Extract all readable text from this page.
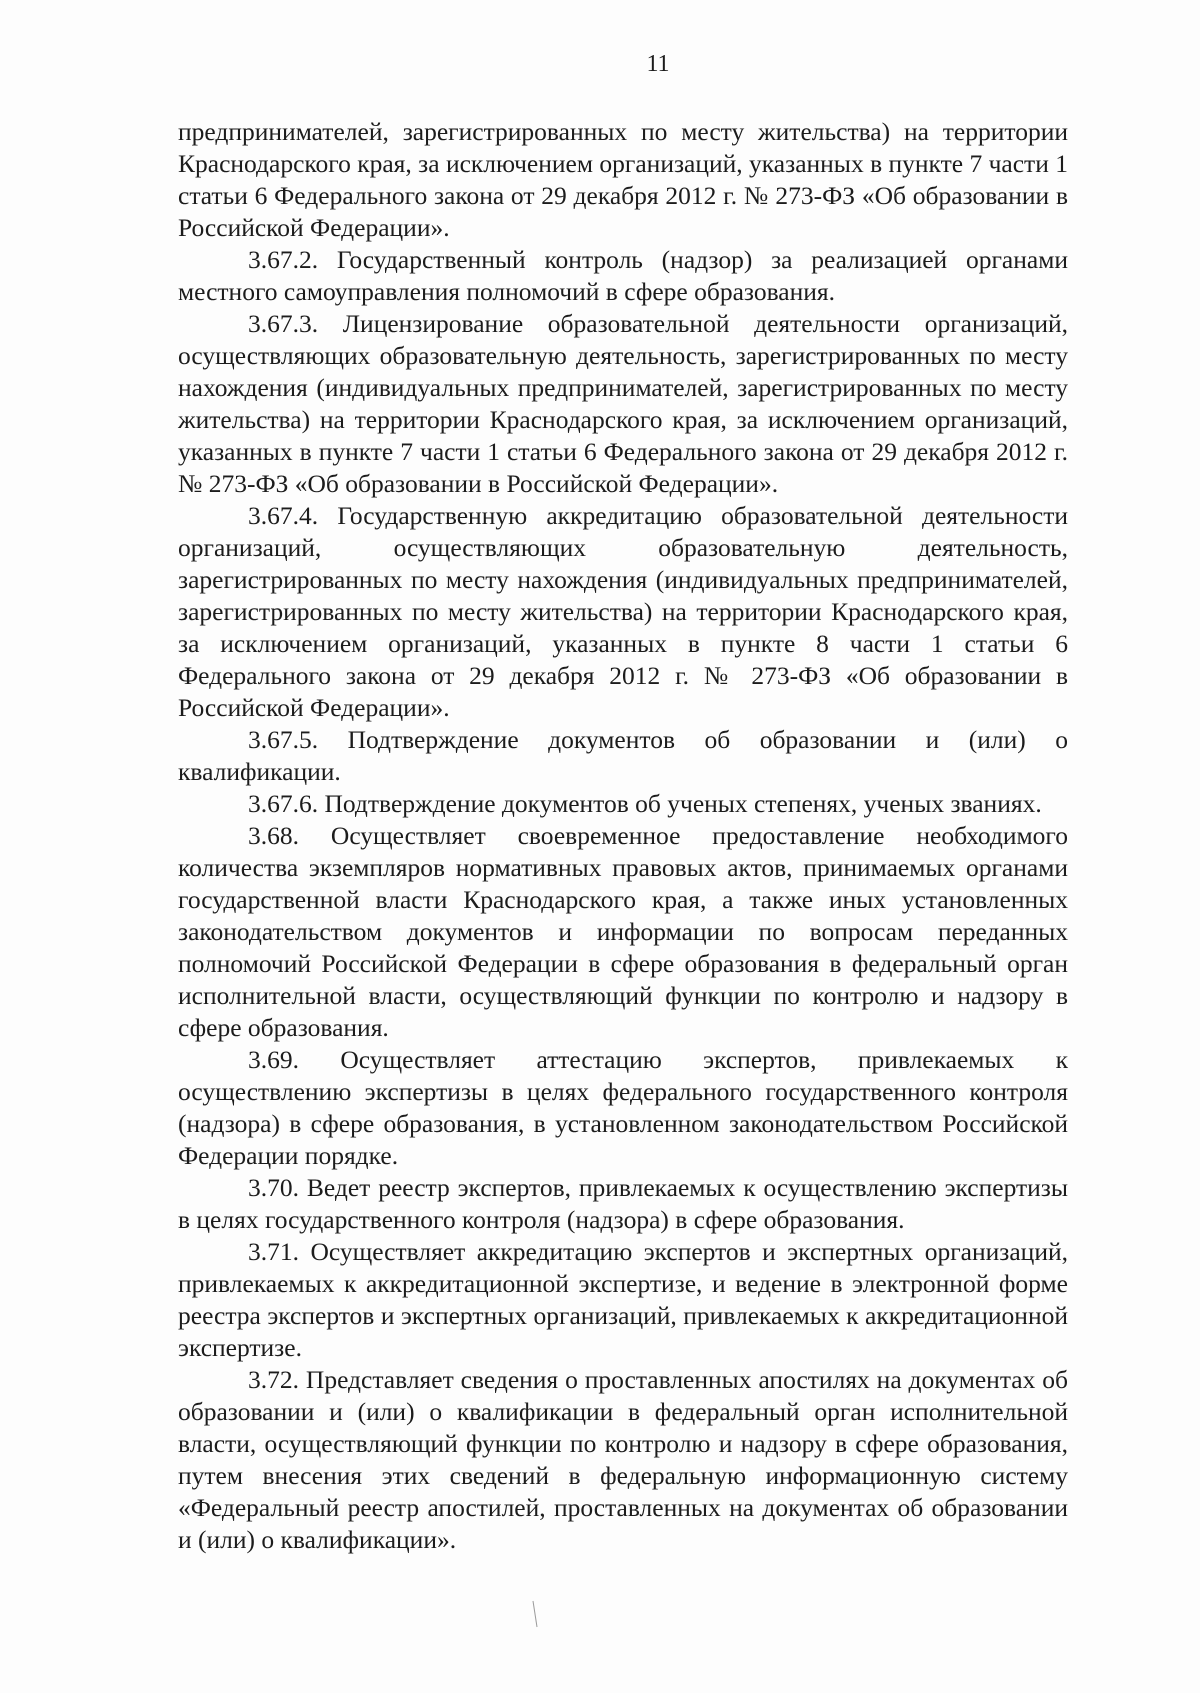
11

предпринимателей, зарегистрированных по месту жительства) на территории Краснодарского края, за исключением организаций, указанных в пункте 7 части 1 статьи 6 Федерального закона от 29 декабря 2012 г. № 273-ФЗ «Об образовании в Российской Федерации».

3.67.2. Государственный контроль (надзор) за реализацией органами местного самоуправления полномочий в сфере образования.

3.67.3. Лицензирование образовательной деятельности организаций, осуществляющих образовательную деятельность, зарегистрированных по месту нахождения (индивидуальных предпринимателей, зарегистрированных по месту жительства) на территории Краснодарского края, за исключением организаций, указанных в пункте 7 части 1 статьи 6 Федерального закона от 29 декабря 2012 г. № 273-ФЗ «Об образовании в Российской Федерации».

3.67.4. Государственную аккредитацию образовательной деятельности организаций, осуществляющих образовательную деятельность, зарегистрированных по месту нахождения (индивидуальных предпринимателей, зарегистрированных по месту жительства) на территории Краснодарского края, за исключением организаций, указанных в пункте 8 части 1 статьи 6 Федерального закона от 29 декабря 2012 г. № 273-ФЗ «Об образовании в Российской Федерации».

3.67.5. Подтверждение документов об образовании и (или) о квалификации.

3.67.6. Подтверждение документов об ученых степенях, ученых званиях.

3.68. Осуществляет своевременное предоставление необходимого количества экземпляров нормативных правовых актов, принимаемых органами государственной власти Краснодарского края, а также иных установленных законодательством документов и информации по вопросам переданных полномочий Российской Федерации в сфере образования в федеральный орган исполнительной власти, осуществляющий функции по контролю и надзору в сфере образования.

3.69. Осуществляет аттестацию экспертов, привлекаемых к осуществлению экспертизы в целях федерального государственного контроля (надзора) в сфере образования, в установленном законодательством Российской Федерации порядке.

3.70. Ведет реестр экспертов, привлекаемых к осуществлению экспертизы в целях государственного контроля (надзора) в сфере образования.

3.71. Осуществляет аккредитацию экспертов и экспертных организаций, привлекаемых к аккредитационной экспертизе, и ведение в электронной форме реестра экспертов и экспертных организаций, привлекаемых к аккредитационной экспертизе.

3.72. Представляет сведения о проставленных апостилях на документах об образовании и (или) о квалификации в федеральный орган исполнительной власти, осуществляющий функции по контролю и надзору в сфере образования, путем внесения этих сведений в федеральную информационную систему «Федеральный реестр апостилей, проставленных на документах об образовании и (или) о квалификации».
